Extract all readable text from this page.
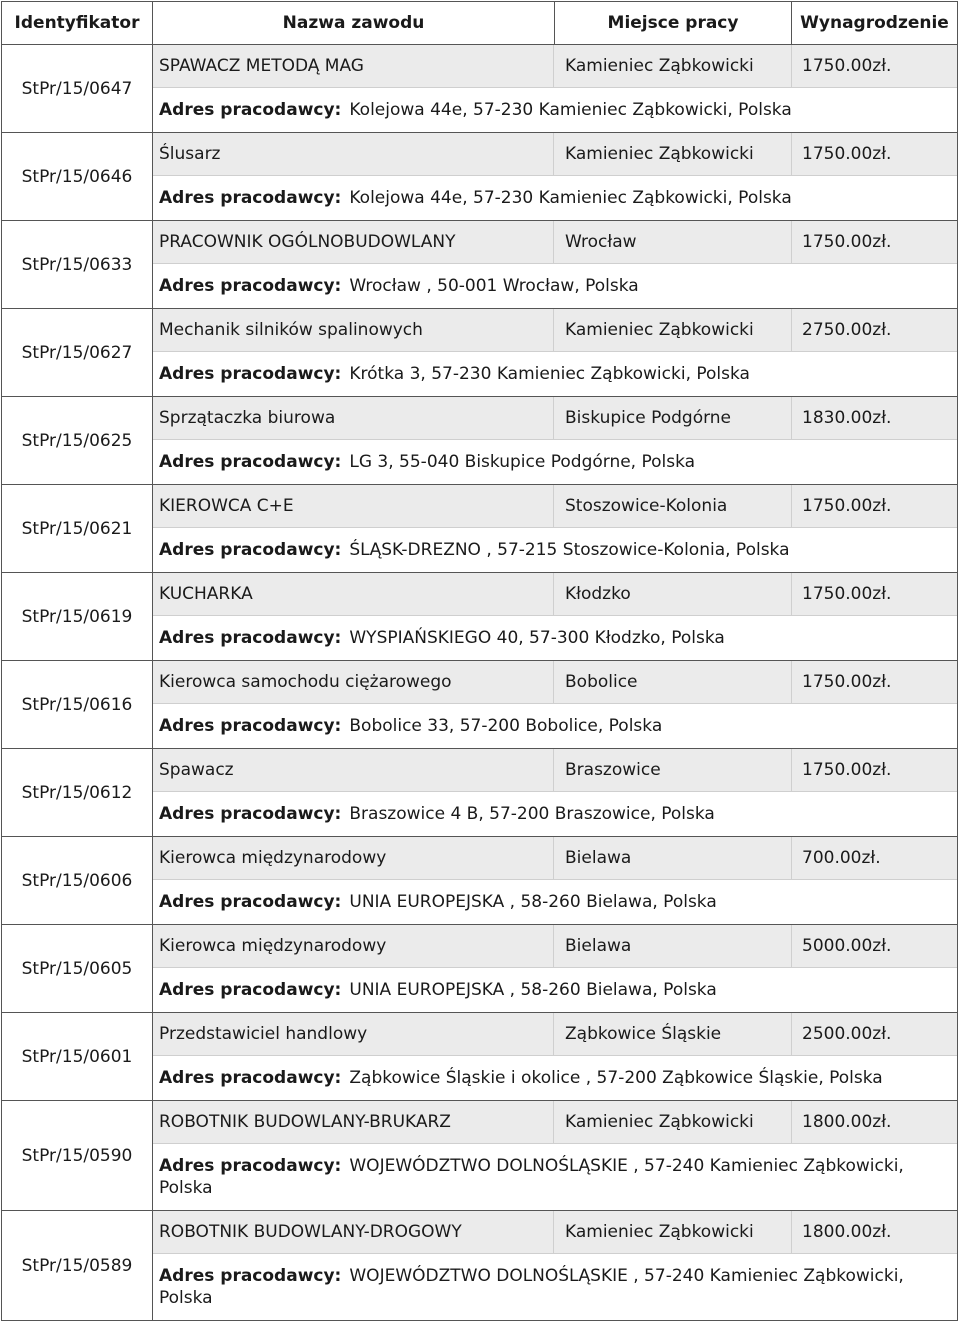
Identyfikator	Nazwa zawodu	Miejsce pracy	Wynagrodzenie
StPr/15/0647
SPAWACZ METODĄ MAG	Kamieniec Ząbkowicki	1750.00zł.
Adres pracodawcy: Kolejowa 44e, 57-230 Kamieniec Ząbkowicki, Polska
StPr/15/0646
Ślusarz	Kamieniec Ząbkowicki	1750.00zł.
Adres pracodawcy: Kolejowa 44e, 57-230 Kamieniec Ząbkowicki, Polska
StPr/15/0633
PRACOWNIK OGÓLNOBUDOWLANY	Wrocław	1750.00zł.
Adres pracodawcy: Wrocław , 50-001 Wrocław, Polska
StPr/15/0627
Mechanik silników spalinowych	Kamieniec Ząbkowicki	2750.00zł.
Adres pracodawcy: Krótka 3, 57-230 Kamieniec Ząbkowicki, Polska
StPr/15/0625
Sprzątaczka biurowa	Biskupice Podgórne	1830.00zł.
Adres pracodawcy: LG 3, 55-040 Biskupice Podgórne, Polska
StPr/15/0621
KIEROWCA C+E	Stoszowice-Kolonia	1750.00zł.
Adres pracodawcy: ŚLĄSK-DREZNO , 57-215 Stoszowice-Kolonia, Polska
StPr/15/0619
KUCHARKA	Kłodzko	1750.00zł.
Adres pracodawcy: WYSPIAŃSKIEGO 40, 57-300 Kłodzko, Polska
StPr/15/0616
Kierowca samochodu ciężarowego	Bobolice	1750.00zł.
Adres pracodawcy: Bobolice 33, 57-200 Bobolice, Polska
StPr/15/0612
Spawacz	Braszowice	1750.00zł.
Adres pracodawcy: Braszowice 4 B, 57-200 Braszowice, Polska
StPr/15/0606
Kierowca międzynarodowy	Bielawa	700.00zł.
Adres pracodawcy: UNIA EUROPEJSKA , 58-260 Bielawa, Polska
StPr/15/0605
Kierowca międzynarodowy	Bielawa	5000.00zł.
Adres pracodawcy: UNIA EUROPEJSKA , 58-260 Bielawa, Polska
StPr/15/0601
Przedstawiciel handlowy	Ząbkowice Śląskie	2500.00zł.
Adres pracodawcy: Ząbkowice Śląskie i okolice , 57-200 Ząbkowice Śląskie, Polska
StPr/15/0590
ROBOTNIK BUDOWLANY-BRUKARZ	Kamieniec Ząbkowicki	1800.00zł.
Adres pracodawcy: WOJEWÓDZTWO DOLNOŚLĄSKIE , 57-240 Kamieniec Ząbkowicki, Polska
StPr/15/0589
ROBOTNIK BUDOWLANY-DROGOWY	Kamieniec Ząbkowicki	1800.00zł.
Adres pracodawcy: WOJEWÓDZTWO DOLNOŚLĄSKIE , 57-240 Kamieniec Ząbkowicki, Polska
